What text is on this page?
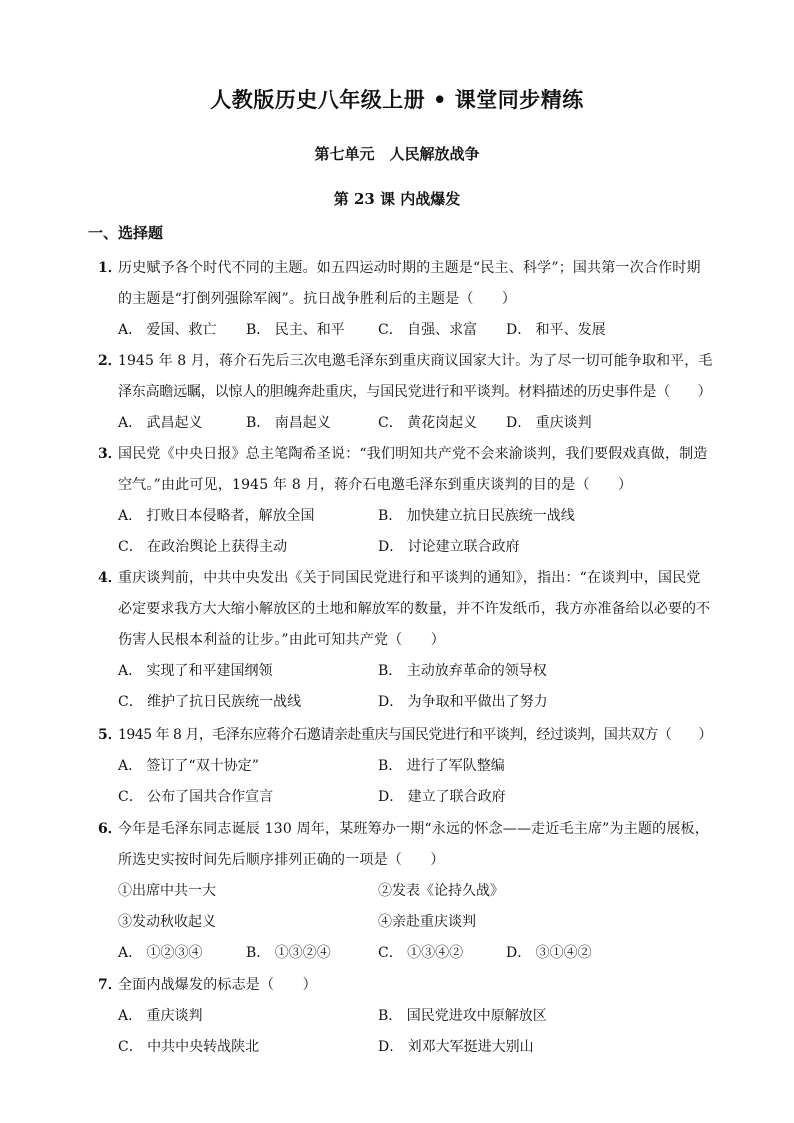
人教版历史八年级上册 • 课堂同步精练
第七单元　人民解放战争
第 23 课 内战爆发
一、选择题
1．
历史赋予各个时代不同的主题。如五四运动时期的主题是“民主、科学”；国共第一次合作时期
的主题是“打倒列强除军阀”。抗日战争胜利后的主题是（　　）
A． 爱国、救亡 B． 民主、和平 C． 自强、求富 D． 和平、发展
2．
1945 年 8 月，蒋介石先后三次电邀毛泽东到重庆商议国家大计。为了尽一切可能争取和平，毛
泽东高瞻远瞩，以惊人的胆魄奔赴重庆，与国民党进行和平谈判。材料描述的历史事件是（　　）
A． 武昌起义	B． 南昌起义	C． 黄花岗起义 D． 重庆谈判
3．
国民党《中央日报》总主笔陶希圣说：“我们明知共产党不会来渝谈判，我们要假戏真做，制造
空气。”由此可见，1945 年 8 月，蒋介石电邀毛泽东到重庆谈判的目的是（　　）
A． 打败日本侵略者，解放全国	B． 加快建立抗日民族统一战线
C． 在政治舆论上获得主动	D． 讨论建立联合政府
4．
重庆谈判前，中共中央发出《关于同国民党进行和平谈判的通知》，指出：“在谈判中，国民党
必定要求我方大大缩小解放区的土地和解放军的数量，并不许发纸币，我方亦准备给以必要的不
伤害人民根本利益的让步。”由此可知共产党（　　）
A． 实现了和平建国纲领	B． 主动放弃革命的领导权
C． 维护了抗日民族统一战线	D． 为争取和平做出了努力
5．
1945 年 8 月，毛泽东应蒋介石邀请亲赴重庆与国民党进行和平谈判，经过谈判，国共双方（　　）
A． 签订了“双十协定”	B． 进行了军队整编
C． 公布了国共合作宣言	D． 建立了联合政府
6．
今年是毛泽东同志诞辰 130 周年，某班筹办一期“永远的怀念——走近毛主席”为主题的展板，
所选史实按时间先后顺序排列正确的一项是（　　）
①出席中共一大	②发表《论持久战》
③发动秋收起义	④亲赴重庆谈判
A． ①②③④	B． ①③②④	C． ①③④②	D． ③①④②
7．
全面内战爆发的标志是（　　）
A． 重庆谈判	B． 国民党进攻中原解放区
C． 中共中央转战陕北	D． 刘邓大军挺进大别山
